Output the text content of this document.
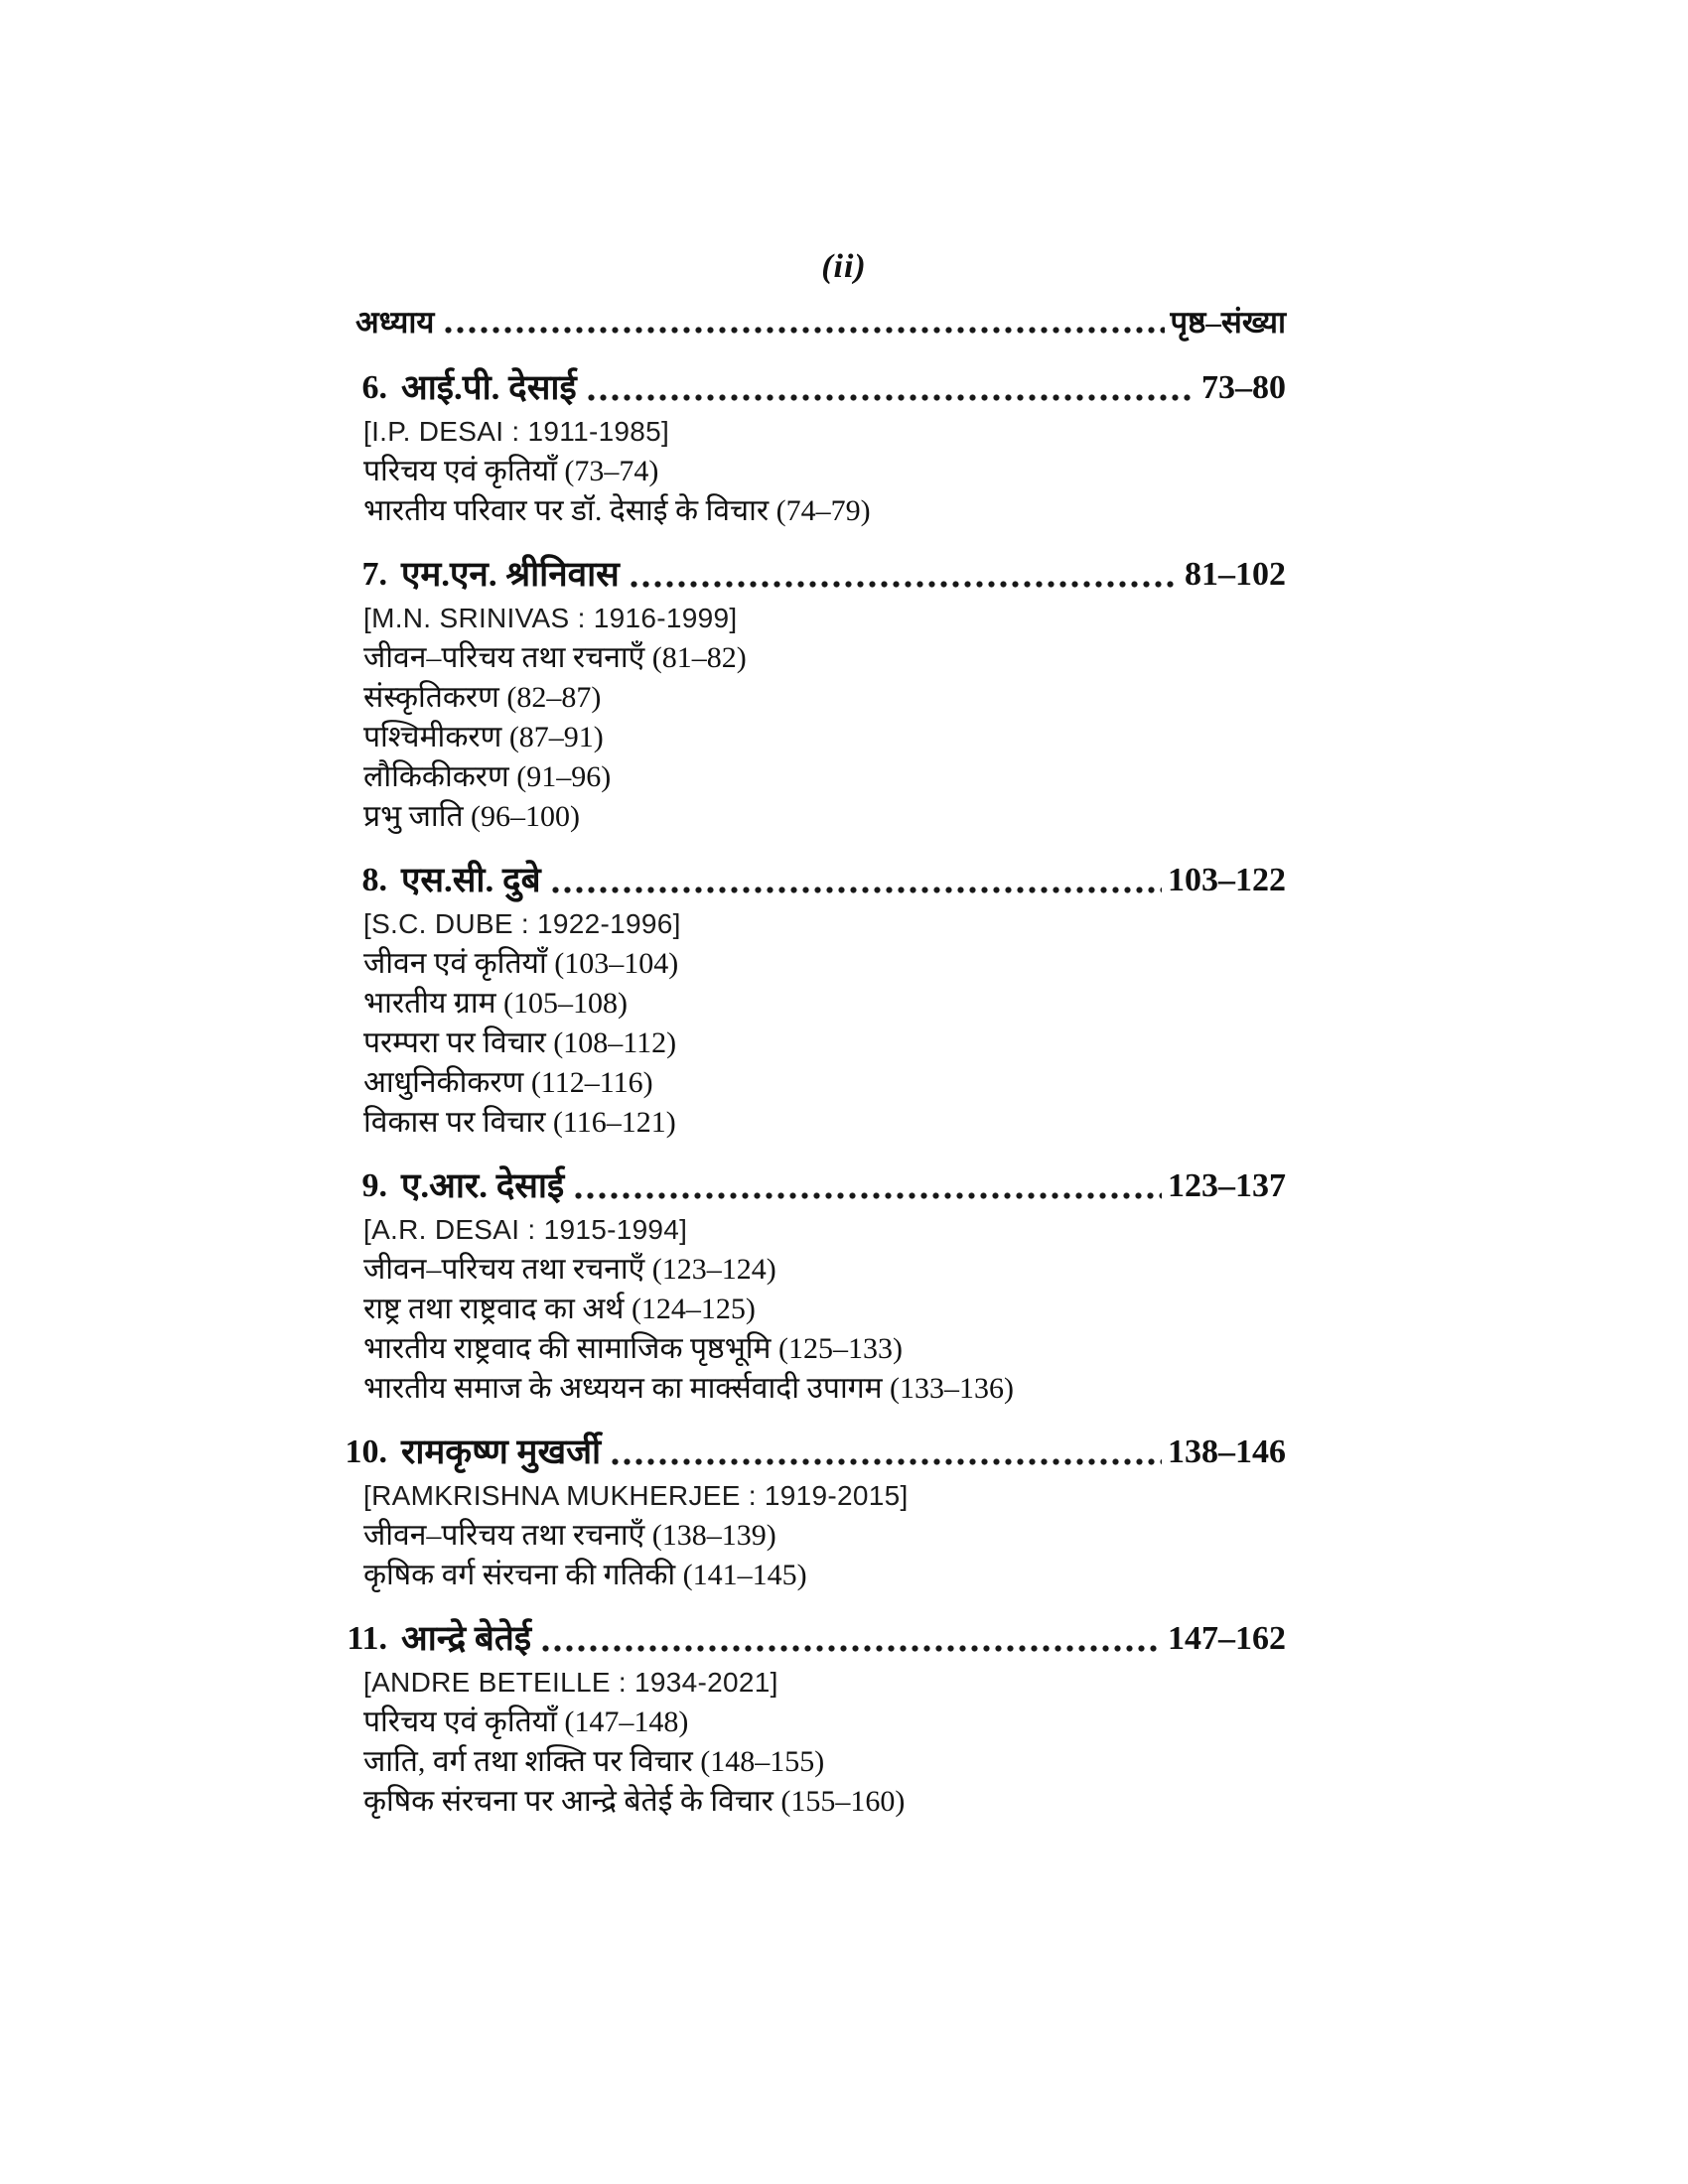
(ii)
अध्याय	पृष्ठ–संख्या
6. आई.पी. देसाई	73–80
[I.P. DESAI : 1911-1985]
परिचय एवं कृतियाँ (73–74)
भारतीय परिवार पर डॉ. देसाई के विचार (74–79)
7. एम.एन. श्रीनिवास	81–102
[M.N. SRINIVAS : 1916-1999]
जीवन–परिचय तथा रचनाएँ (81–82)
संस्कृतिकरण (82–87)
पश्चिमीकरण (87–91)
लौकिकीकरण (91–96)
प्रभु जाति (96–100)
8. एस.सी. दुबे	103–122
[S.C. DUBE : 1922-1996]
जीवन एवं कृतियाँ (103–104)
भारतीय ग्राम (105–108)
परम्परा पर विचार (108–112)
आधुनिकीकरण (112–116)
विकास पर विचार (116–121)
9. ए.आर. देसाई	123–137
[A.R. DESAI : 1915-1994]
जीवन–परिचय तथा रचनाएँ (123–124)
राष्ट्र तथा राष्ट्रवाद का अर्थ (124–125)
भारतीय राष्ट्रवाद की सामाजिक पृष्ठभूमि (125–133)
भारतीय समाज के अध्ययन का मार्क्सवादी उपागम (133–136)
10. रामकृष्ण मुखर्जी	138–146
[RAMKRISHNA MUKHERJEE : 1919-2015]
जीवन–परिचय तथा रचनाएँ (138–139)
कृषिक वर्ग संरचना की गतिकी (141–145)
11. आन्द्रे बेतेई	147–162
[ANDRE BETEILLE : 1934-2021]
परिचय एवं कृतियाँ (147–148)
जाति, वर्ग तथा शक्ति पर विचार (148–155)
कृषिक संरचना पर आन्द्रे बेतेई के विचार (155–160)
